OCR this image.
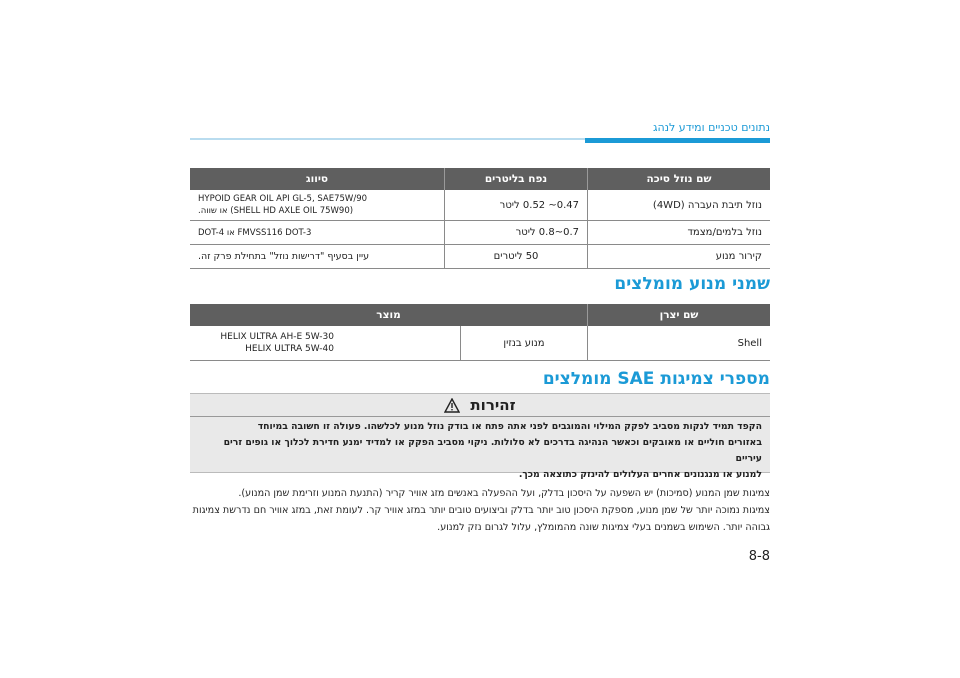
נתונים טכניים ומידע לנהג
שם נוזל סיכה	נפח בליטרים	סיווג
נוזל תיבת העברה (4WD)	0.47~ 0.52 ליטר	HYPOID GEAR OIL API GL-5, SAE75W/90
(SHELL HD AXLE OIL 75W90) או שווה.

נוזל בלמים/מצמד	0.7~0.8 ליטר	FMVSS116 DOT-3 או DOT-4

קירור מנוע	50 ליטרים	עיין בסעיף "דרישות נוזל" בתחילת פרק זה.
שמני מנוע מומלצים
שם יצרן	מוצר	
Shell	מנוע בנזין	HELIX ULTRA AH-E 5W-30
HELIX ULTRA 5W-40
מספרי צמיגות SAE מומלצים
זהירות
הקפד תמיד לנקות מסביב לפקק המילוי והמוגבים לפני אתה פתח או בודק נוזל מנוע לכלשהו. פעולה זו חשובה במיוחד
באזורים חוליים או מאובקים וכאשר הנהיגה בדרכים לא סלולות. ניקוי מסביב הפקק או למדיד ימנע חדירת לכלוך או גופים זרים עיריים
למנוע או מנגנונים אחרים העלולים להינזק כתוצאה מכך.
צמיגות שמן המנוע (סמיכות) יש השפעה על היסכון בדלק, ועל ההפעלה באנשים מזג אוויר קריר (התנעת המנוע וזרימת שמן המנוע).
צמיגות נמוכה יותר של שמן מנוע, מספקת היסכון טוב יותר בדלק וביצועים טובים יותר במזג אוויר קר. לעומת זאת, במזג אוויר חם נדרשת צמיגות
גבוהה יותר. השימוש בשמנים בעלי צמיגות שונה מהמומלץ, עלול לגרום נזק למנוע.
8-8
